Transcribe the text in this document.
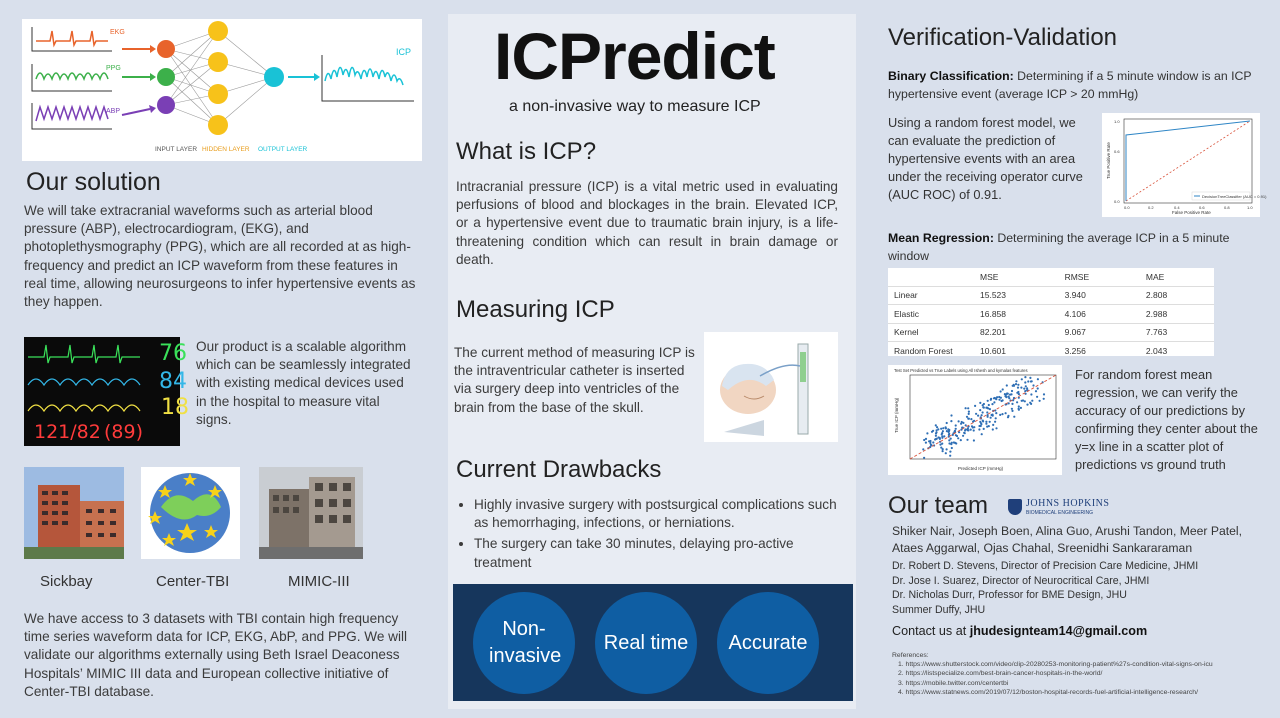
EKG
PPG
ABP
ICP
INPUT LAYER HIDDEN LAYER OUTPUT LAYER
Our solution
We will take extracranial waveforms such as arterial blood pressure (ABP), electrocardiogram, (EKG), and photoplethysmography (PPG), which are all recorded at as high-frequency and predict an ICP waveform from these features in real time, allowing neurosurgeons to infer hypertensive events as they happen.
76
84
18
121/82 (89)
Our product is a scalable algorithm which can be seamlessly integrated with existing medical devices used in the hospital to measure vital signs.
Sickbay	Center-TBI	MIMIC-III
We have access to 3 datasets with TBI contain high frequency time series waveform data for ICP, EKG, AbP, and PPG. We will validate our algorithms externally using Beth Israel Deaconess Hospitals’ MIMIC III data and European collective initiative of Center-TBI database.
ICPredict
a non-invasive way to measure ICP
What is ICP?
Intracranial pressure (ICP) is a vital metric used in evaluating perfusions of blood and blockages in the brain. Elevated ICP, or a hypertensive event due to traumatic brain injury, is a life-threatening condition which can result in brain damage or death.
Measuring ICP
The current method of measuring ICP is the intraventricular catheter is inserted via surgery deep into ventricles of the brain from the base of the skull.
Current Drawbacks
• Highly invasive surgery with postsurgical complications such as hemorrhaging, infections, or herniations.
• The surgery can take 30 minutes, delaying pro-active treatment
Non-invasive
Real time Accurate
Verification-Validation
Binary Classification: Determining if a 5 minute window is an ICP hypertensive event (average ICP > 20 mmHg)
Using a random forest model, we can evaluate the prediction of hypertensive events with an area under the receiving operator curve (AUC ROC) of 0.91.	DecisionTreeClassifier (AUC = 0.91)
False Positive Rate
True Positive Rate
0.0	0.2	0.4	0.6	0.8	1.0
0.0
0.6
1.0
Mean Regression: Determining the average ICP in a 5 minute window
	MSE	RMSE	MAE
Linear	15.523	3.940	2.808
Elastic	16.858	4.106	2.988
Kernel	82.201	9.067	7.763
Random Forest	10.601	3.256	2.043
Test Set Predicted vs True Labels using All Ishesh and kymalas features
Predicted ICP (mmHg)
True ICP (mmHg)
For random forest mean regression, we can verify the accuracy of our predictions by confirming they center about the y=x line in a scatter plot of predictions vs ground truth
Our team	JOHNS HOPKINS
BIOMEDICAL ENGINEERING
Shiker Nair, Joseph Boen, Alina Guo, Arushi Tandon, Meer Patel, Ataes Aggarwal, Ojas Chahal, Sreenidhi Sankararaman
Dr. Robert D. Stevens, Director of Precision Care Medicine, JHMI
Dr. Jose I. Suarez, Director of Neurocritical Care, JHMI
Dr. Nicholas Durr, Professor for BME Design, JHU
Summer Duffy, JHU
Contact us at jhudesignteam14@gmail.com
References:
1. https://www.shutterstock.com/video/clip-20280253-monitoring-patient%27s-condition-vital-signs-on-icu
2. https://listspecialize.com/best-brain-cancer-hospitals-in-the-world/
3. https://mobile.twitter.com/centertbi
4. https://www.statnews.com/2019/07/12/boston-hospital-records-fuel-artificial-intelligence-research/
